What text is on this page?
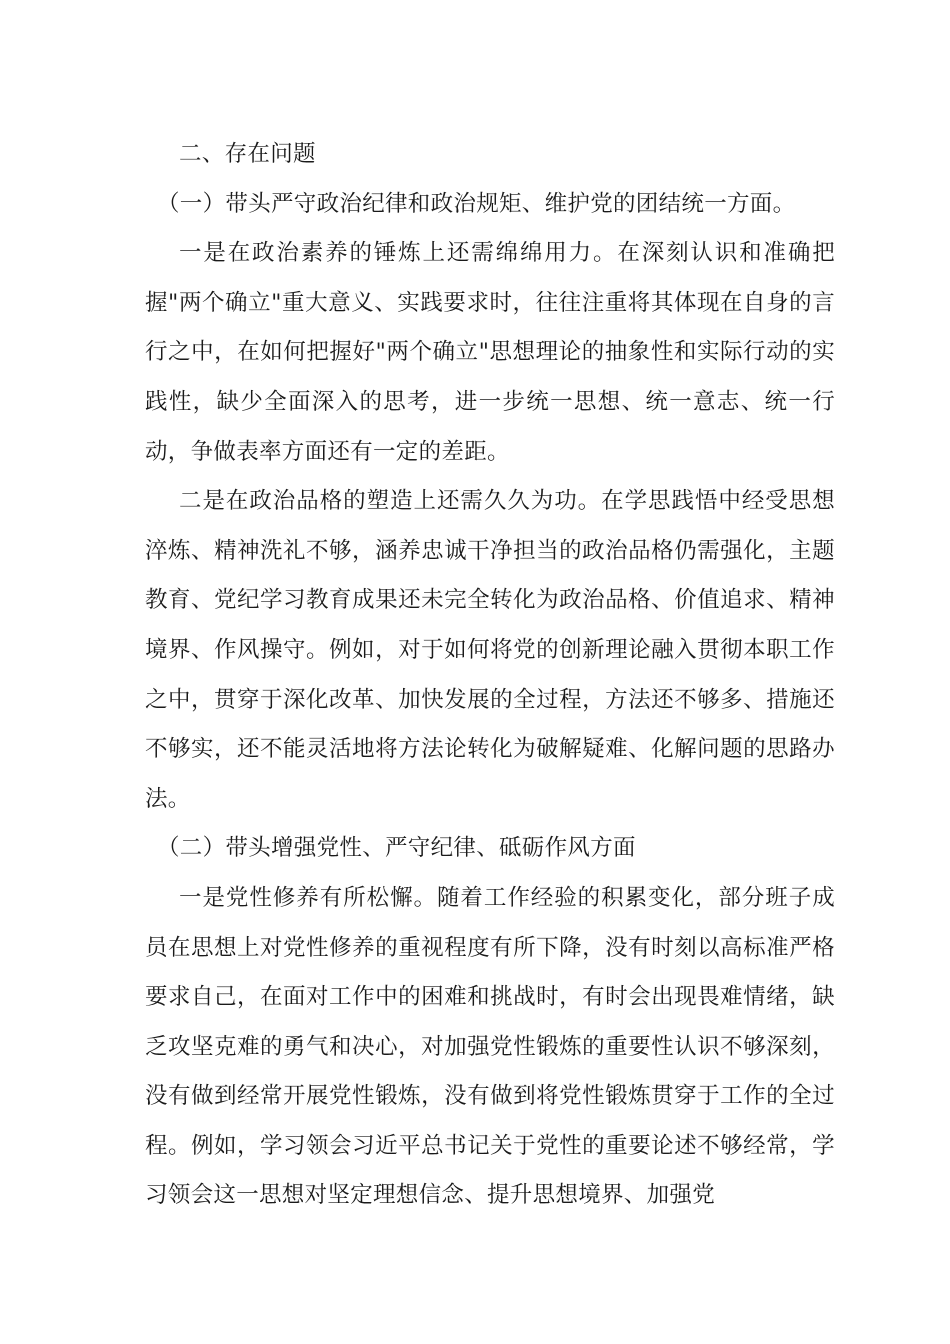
二、存在问题

（一）带头严守政治纪律和政治规矩、维护党的团结统一方面。

一是在政治素养的锤炼上还需绵绵用力。在深刻认识和准确把握"两个确立"重大意义、实践要求时，往往注重将其体现在自身的言行之中，在如何把握好"两个确立"思想理论的抽象性和实际行动的实践性，缺少全面深入的思考，进一步统一思想、统一意志、统一行动，争做表率方面还有一定的差距。

二是在政治品格的塑造上还需久久为功。在学思践悟中经受思想淬炼、精神洗礼不够，涵养忠诚干净担当的政治品格仍需强化，主题教育、党纪学习教育成果还未完全转化为政治品格、价值追求、精神境界、作风操守。例如，对于如何将党的创新理论融入贯彻本职工作之中，贯穿于深化改革、加快发展的全过程，方法还不够多、措施还不够实，还不能灵活地将方法论转化为破解疑难、化解问题的思路办法。

（二）带头增强党性、严守纪律、砥砺作风方面

一是党性修养有所松懈。随着工作经验的积累变化，部分班子成员在思想上对党性修养的重视程度有所下降，没有时刻以高标准严格要求自己，在面对工作中的困难和挑战时，有时会出现畏难情绪，缺乏攻坚克难的勇气和决心，对加强党性锻炼的重要性认识不够深刻，没有做到经常开展党性锻炼，没有做到将党性锻炼贯穿于工作的全过程。例如，学习领会习近平总书记关于党性的重要论述不够经常，学习领会这一思想对坚定理想信念、提升思想境界、加强党
